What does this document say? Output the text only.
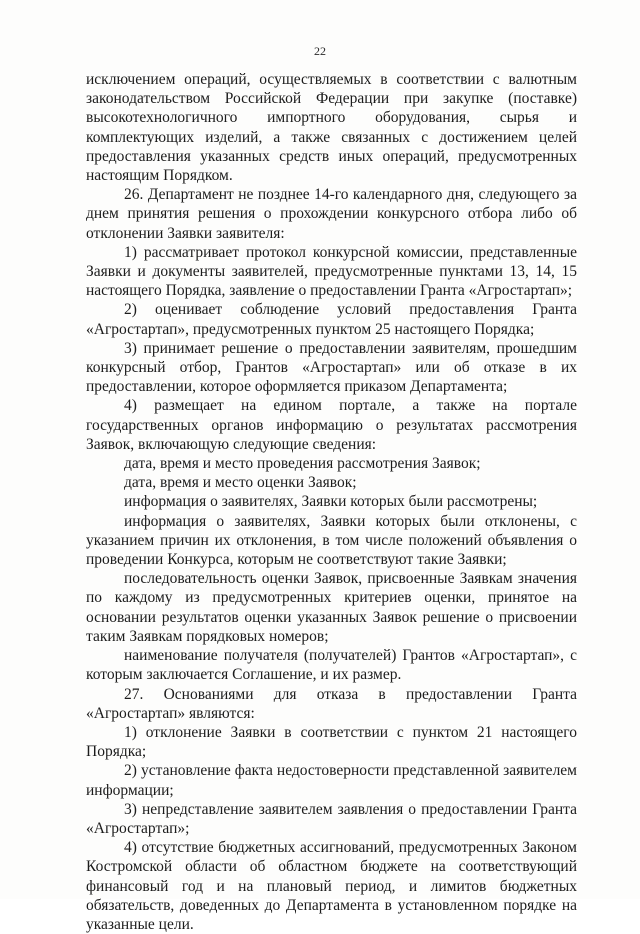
22

исключением операций, осуществляемых в соответствии с валютным законодательством Российской Федерации при закупке (поставке) высокотехнологичного импортного оборудования, сырья и комплектующих изделий, а также связанных с достижением целей предоставления указанных средств иных операций, предусмотренных настоящим Порядком.

26. Департамент не позднее 14-го календарного дня, следующего за днем принятия решения о прохождении конкурсного отбора либо об отклонении Заявки заявителя:

1) рассматривает протокол конкурсной комиссии, представленные Заявки и документы заявителей, предусмотренные пунктами 13, 14, 15 настоящего Порядка, заявление о предоставлении Гранта «Агростартап»;

2) оценивает соблюдение условий предоставления Гранта «Агростартап», предусмотренных пунктом 25 настоящего Порядка;

3) принимает решение о предоставлении заявителям, прошедшим конкурсный отбор, Грантов «Агростартап» или об отказе в их предоставлении, которое оформляется приказом Департамента;

4) размещает на едином портале, а также на портале государственных органов информацию о результатах рассмотрения Заявок, включающую следующие сведения:

дата, время и место проведения рассмотрения Заявок;

дата, время и место оценки Заявок;

информация о заявителях, Заявки которых были рассмотрены;

информация о заявителях, Заявки которых были отклонены, с указанием причин их отклонения, в том числе положений объявления о проведении Конкурса, которым не соответствуют такие Заявки;

последовательность оценки Заявок, присвоенные Заявкам значения по каждому из предусмотренных критериев оценки, принятое на основании результатов оценки указанных Заявок решение о присвоении таким Заявкам порядковых номеров;

наименование получателя (получателей) Грантов «Агростартап», с которым заключается Соглашение, и их размер.

27. Основаниями для отказа в предоставлении Гранта «Агростартап» являются:

1) отклонение Заявки в соответствии с пунктом 21 настоящего Порядка;

2) установление факта недостоверности представленной заявителем информации;

3) непредставление заявителем заявления о предоставлении Гранта «Агростартап»;

4) отсутствие бюджетных ассигнований, предусмотренных Законом Костромской области об областном бюджете на соответствующий финансовый год и на плановый период, и лимитов бюджетных обязательств, доведенных до Департамента в установленном порядке на указанные цели.
